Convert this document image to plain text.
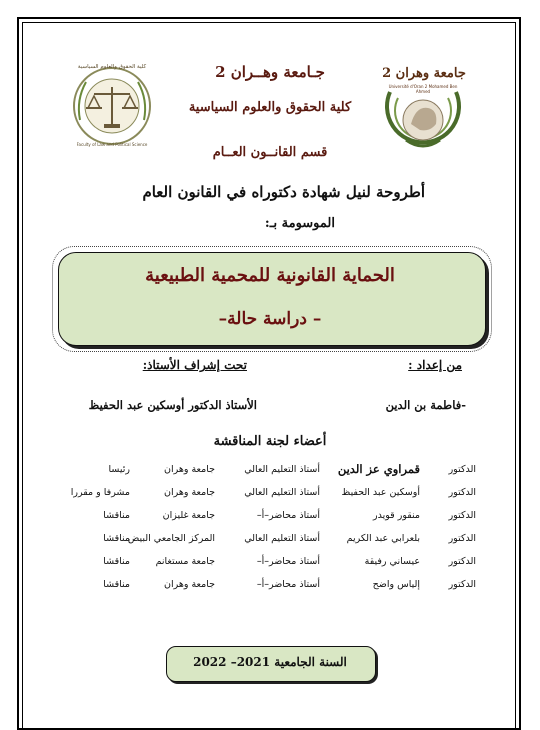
جامعة وهران 2
Université d'Oran 2 Mohamed Ben Ahmed
كلية الحقوق والعلوم السياسية
Faculty of Law and Political Science
جـامعة وهــران 2
كلية الحقوق والعلوم السياسية
قسم القانــون العــام
أطروحة لنيل شهادة دكتوراه في القانون العام
الموسومة بـ:
الحماية القانونية للمحمية الطبيعية
– دراسة حالة–
من إعداد :
تحت إشراف الأستاذ:
-فاطمة بن الدين
الأستاذ الدكتور أوسكين عبد الحفيظ
أعضاء لجنة المناقشة
الدكتور
قمراوي عز الدين
أستاذ التعليم العالي
جامعة وهران
رئيسا
الدكتور
أوسكين عبد الحفيظ
أستاذ التعليم العالي
جامعة وهران
مشرفا و مقررا
الدكتور
منقور قويدر
أستاذ محاضر–أ–
جامعة غليزان
مناقشا
الدكتور
بلعرابي عبد الكريم
أستاذ التعليم العالي
المركز الجامعي البيض
مناقشا
الدكتور
عيساني رفيقة
أستاذ محاضر–أ–
جامعة مستغانم
مناقشا
الدكتور
إلياس واضح
أستاذ محاضر–أ–
جامعة وهران
مناقشا
السنة الجامعية 2021– 2022
